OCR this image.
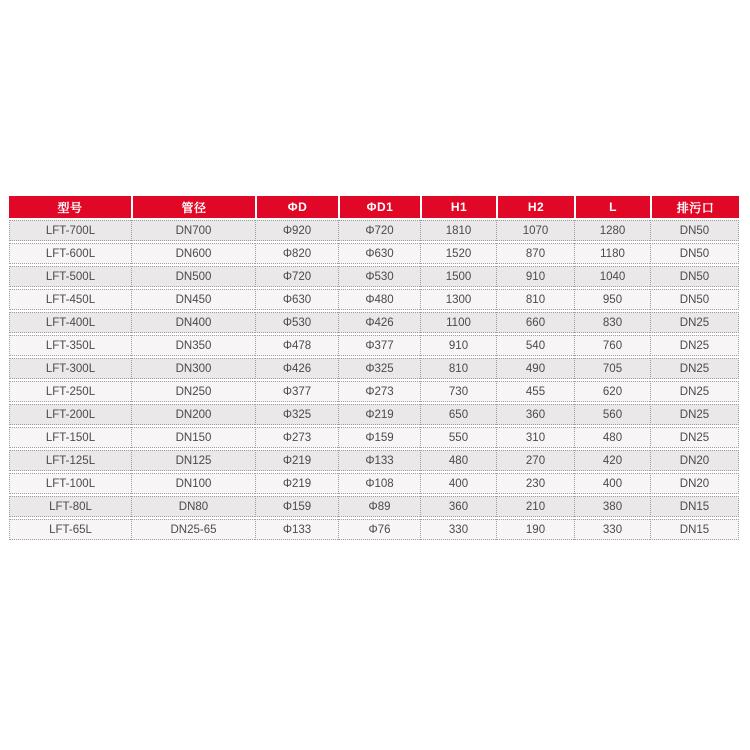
型号	管径	ΦD	ΦD1	H1	H2	L	排污口
LFT-700L	DN700	Φ920	Φ720	1810	1070	1280	DN50
LFT-600L	DN600	Φ820	Φ630	1520	870	1180	DN50
LFT-500L	DN500	Φ720	Φ530	1500	910	1040	DN50
LFT-450L	DN450	Φ630	Φ480	1300	810	950	DN50
LFT-400L	DN400	Φ530	Φ426	1100	660	830	DN25
LFT-350L	DN350	Φ478	Φ377	910	540	760	DN25
LFT-300L	DN300	Φ426	Φ325	810	490	705	DN25
LFT-250L	DN250	Φ377	Φ273	730	455	620	DN25
LFT-200L	DN200	Φ325	Φ219	650	360	560	DN25
LFT-150L	DN150	Φ273	Φ159	550	310	480	DN25
LFT-125L	DN125	Φ219	Φ133	480	270	420	DN20
LFT-100L	DN100	Φ219	Φ108	400	230	400	DN20
LFT-80L	DN80	Φ159	Φ89	360	210	380	DN15
LFT-65L	DN25-65	Φ133	Φ76	330	190	330	DN15
